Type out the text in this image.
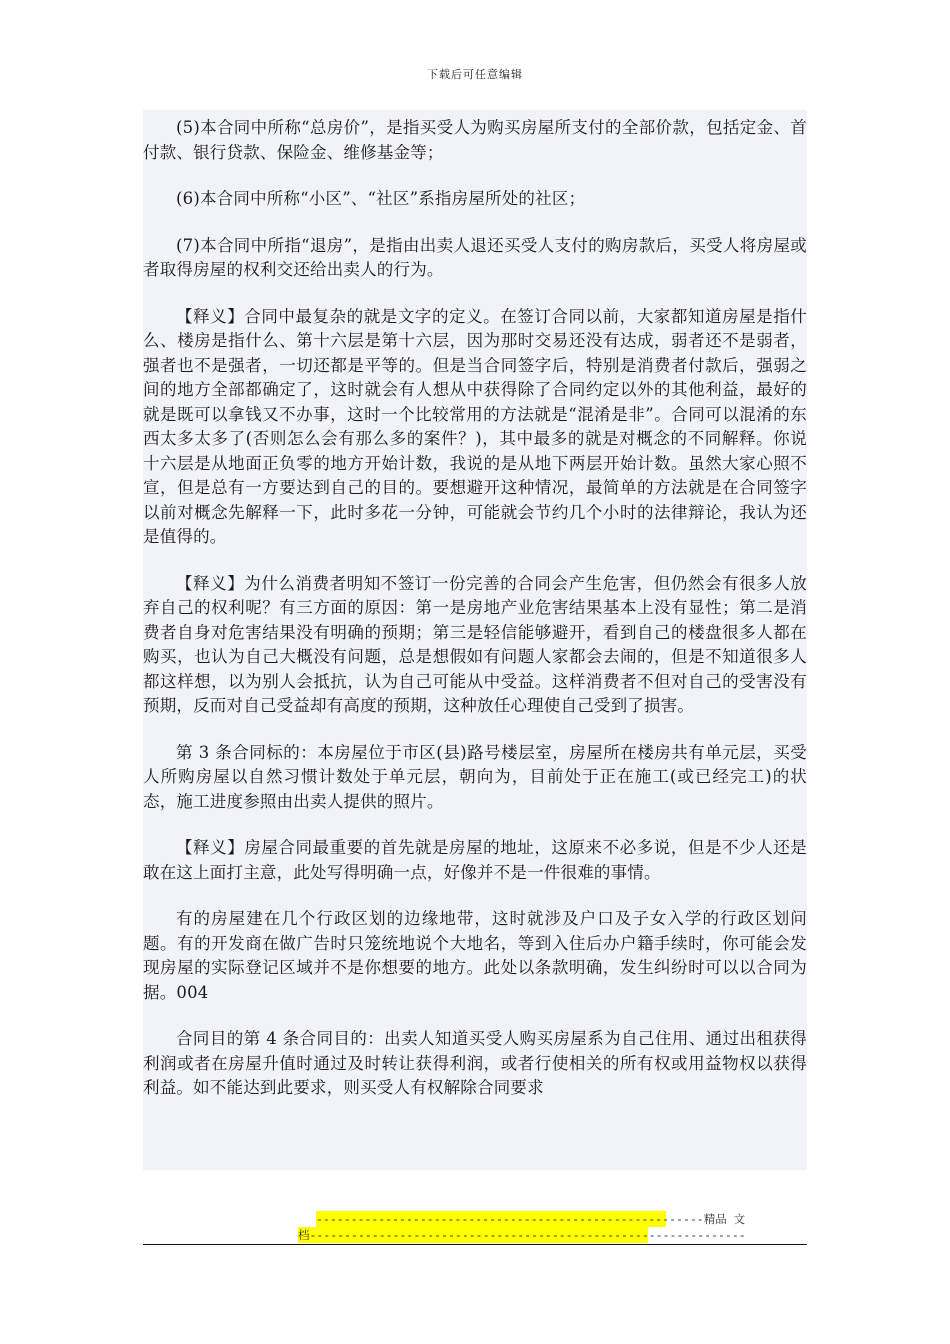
下载后可任意编辑

(5)本合同中所称“总房价”，是指买受人为购买房屋所支付的全部价款，包括定金、首付款、银行贷款、保险金、维修基金等；

(6)本合同中所称“小区”、“社区”系指房屋所处的社区；

(7)本合同中所指“退房”，是指由出卖人退还买受人支付的购房款后，买受人将房屋或者取得房屋的权利交还给出卖人的行为。

【释义】合同中最复杂的就是文字的定义。在签订合同以前，大家都知道房屋是指什么、楼房是指什么、第十六层是第十六层，因为那时交易还没有达成，弱者还不是弱者，强者也不是强者，一切还都是平等的。但是当合同签字后，特别是消费者付款后，强弱之间的地方全部都确定了，这时就会有人想从中获得除了合同约定以外的其他利益，最好的就是既可以拿钱又不办事，这时一个比较常用的方法就是“混淆是非”。合同可以混淆的东西太多太多了(否则怎么会有那么多的案件？)，其中最多的就是对概念的不同解释。你说十六层是从地面正负零的地方开始计数，我说的是从地下两层开始计数。虽然大家心照不宣，但是总有一方要达到自己的目的。要想避开这种情况，最简单的方法就是在合同签字以前对概念先解释一下，此时多花一分钟，可能就会节约几个小时的法律辩论，我认为还是值得的。

【释义】为什么消费者明知不签订一份完善的合同会产生危害，但仍然会有很多人放弃自己的权利呢？有三方面的原因：第一是房地产业危害结果基本上没有显性；第二是消费者自身对危害结果没有明确的预期；第三是轻信能够避开，看到自己的楼盘很多人都在购买，也认为自己大概没有问题，总是想假如有问题人家都会去闹的，但是不知道很多人都这样想，以为别人会抵抗，认为自己可能从中受益。这样消费者不但对自己的受害没有预期，反而对自己受益却有高度的预期，这种放任心理使自己受到了损害。

第 3 条合同标的：本房屋位于市区(县)路号楼层室，房屋所在楼房共有单元层，买受人所购房屋以自然习惯计数处于单元层，朝向为，目前处于正在施工(或已经完工)的状态，施工进度参照由出卖人提供的照片。

【释义】房屋合同最重要的首先就是房屋的地址，这原来不必多说，但是不少人还是敢在这上面打主意，此处写得明确一点，好像并不是一件很难的事情。

有的房屋建在几个行政区划的边缘地带，这时就涉及户口及子女入学的行政区划问题。有的开发商在做广告时只笼统地说个大地名，等到入住后办户籍手续时，你可能会发现房屋的实际登记区域并不是你想要的地方。此处以条款明确，发生纠纷时可以以合同为据。004

合同目的第 4 条合同目的：出卖人知道买受人购买房屋系为自己住用、通过出租获得利润或者在房屋升值时通过及时转让获得利润，或者行使相关的所有权或用益物权以获得利益。如不能达到此要求，则买受人有权解除合同要求

--------------------------------------------------------精品 文
档---------------------------------------------------------------
